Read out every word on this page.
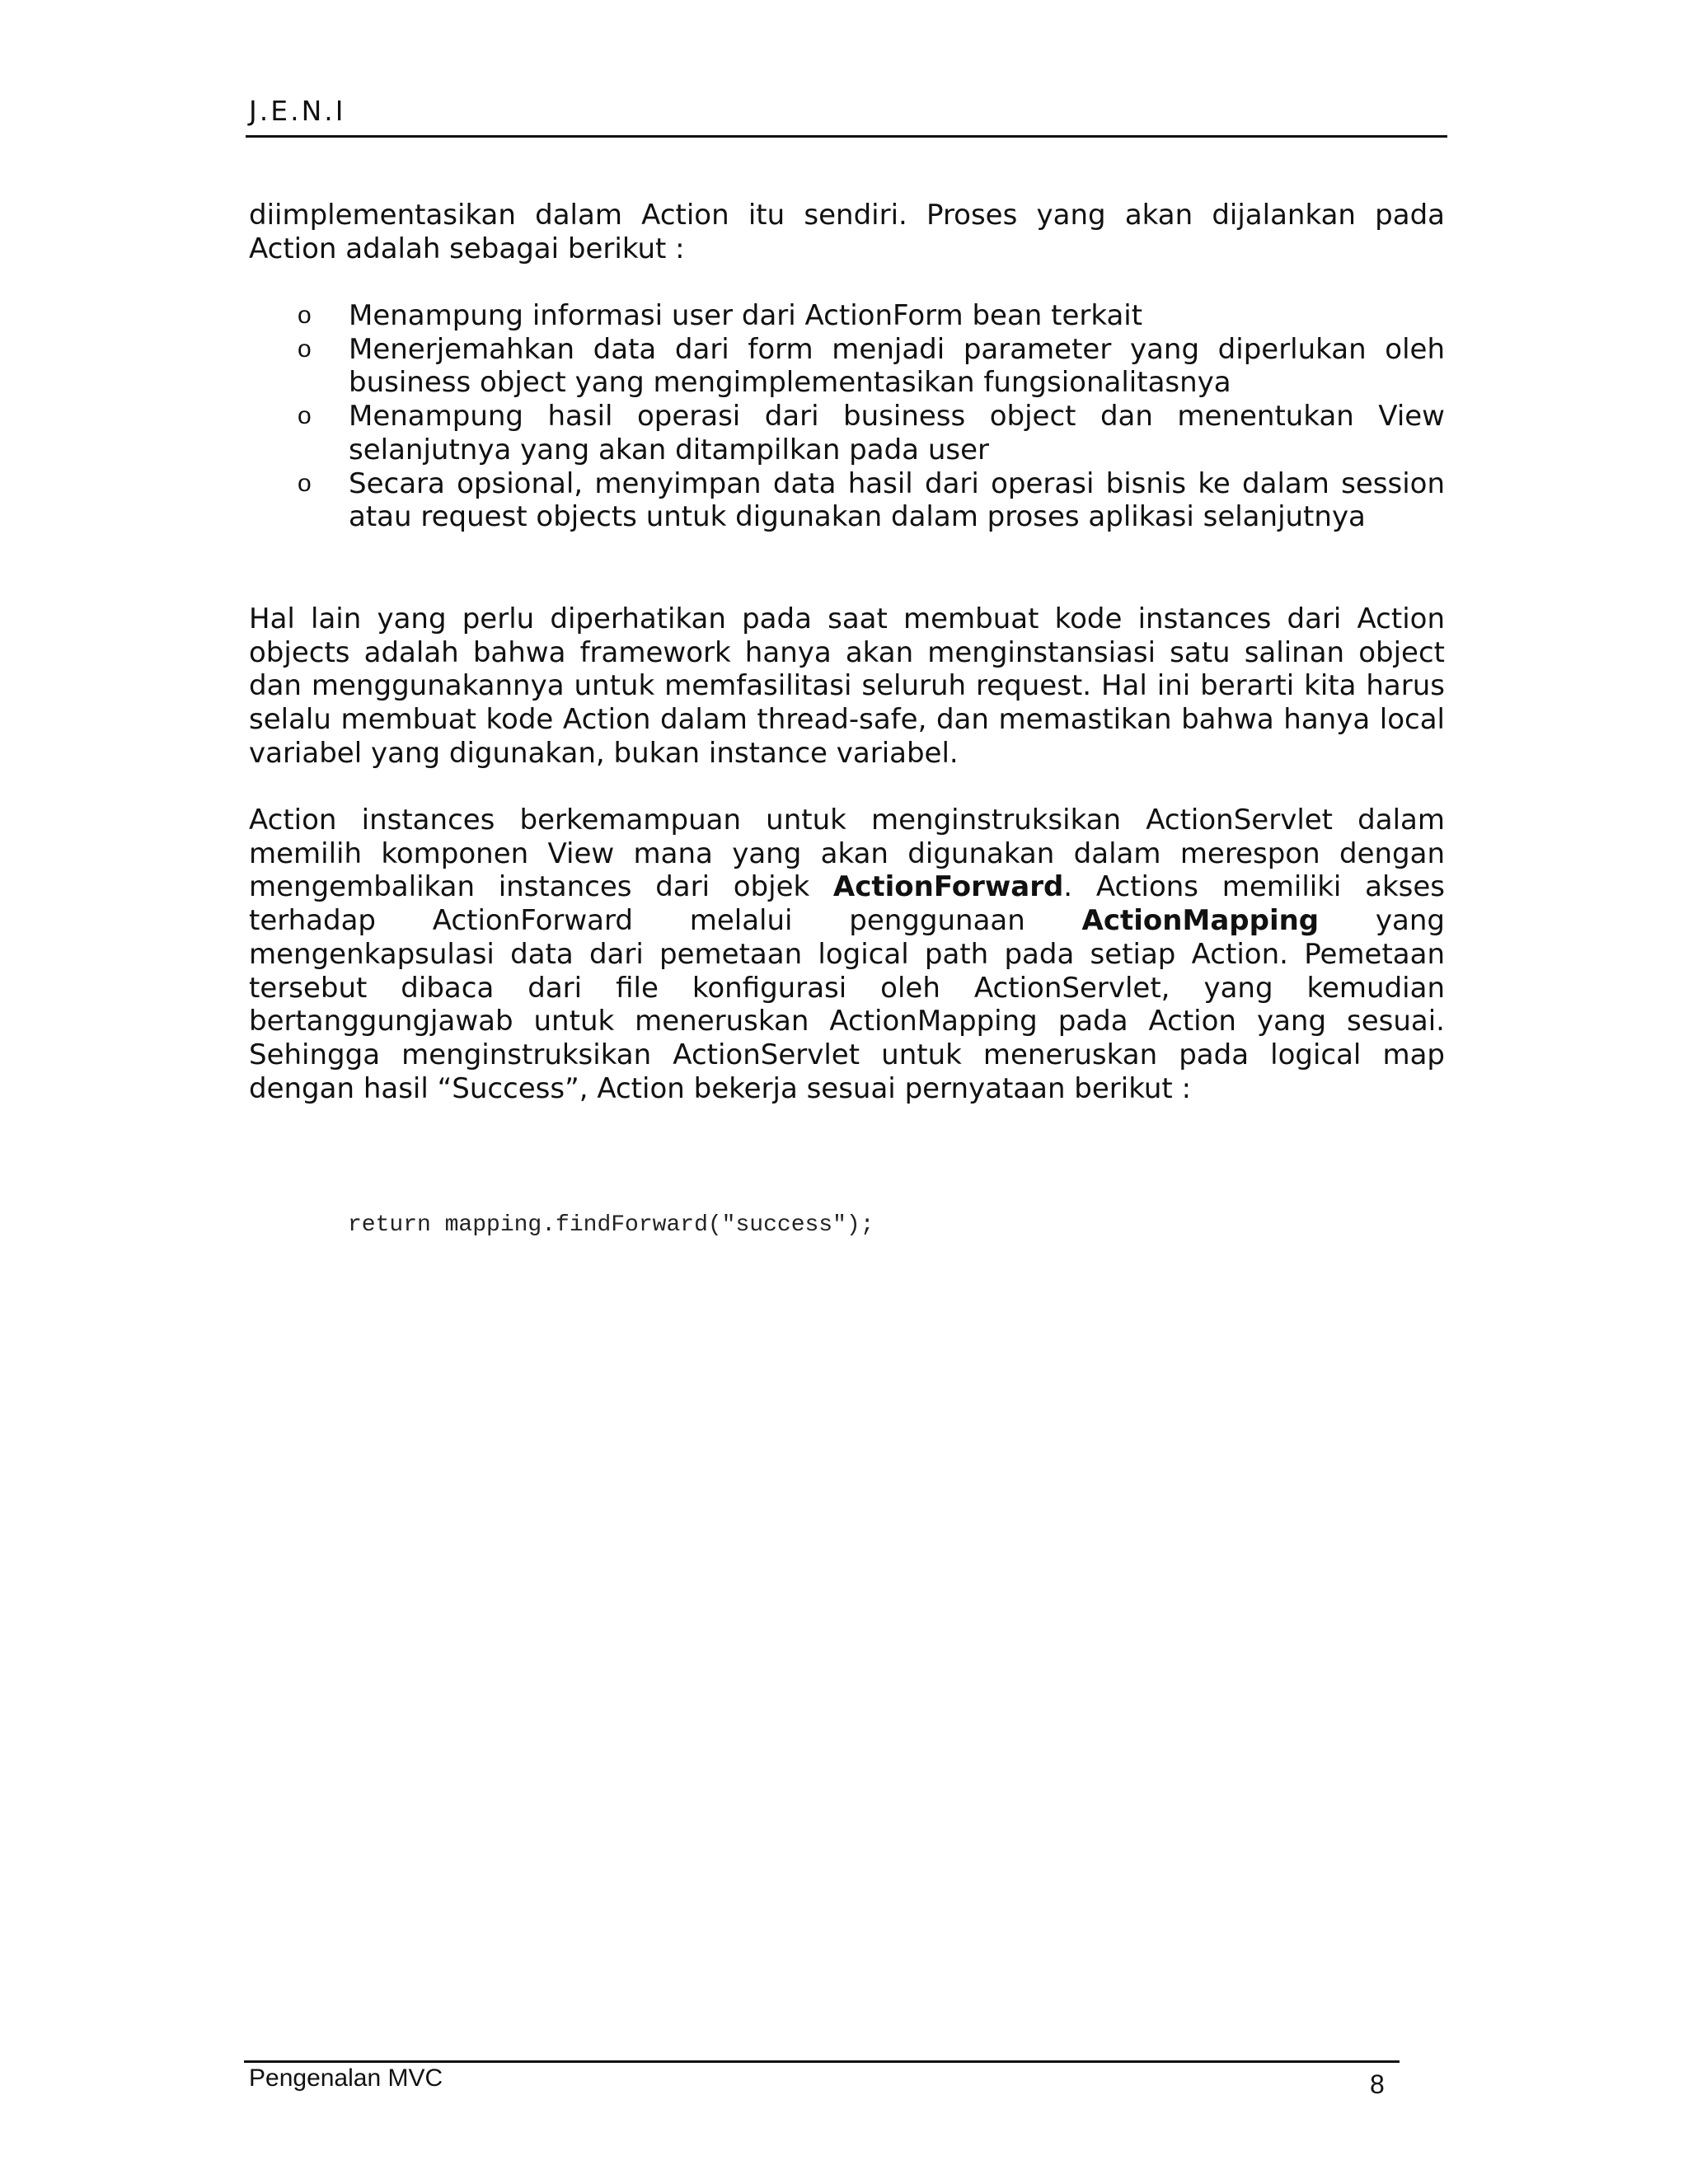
J.E.N.I

diimplementasikan dalam Action itu sendiri. Proses yang akan dijalankan pada Action adalah sebagai berikut :

o Menampung informasi user dari ActionForm bean terkait
o Menerjemahkan data dari form menjadi parameter yang diperlukan oleh business object yang mengimplementasikan fungsionalitasnya
o Menampung hasil operasi dari business object dan menentukan View selanjutnya yang akan ditampilkan pada user
o Secara opsional, menyimpan data hasil dari operasi bisnis ke dalam session atau request objects untuk digunakan dalam proses aplikasi selanjutnya

Hal lain yang perlu diperhatikan pada saat membuat kode instances dari Action objects adalah bahwa framework hanya akan menginstansiasi satu salinan object dan menggunakannya untuk memfasilitasi seluruh request. Hal ini berarti kita harus selalu membuat kode Action dalam thread-safe, dan memastikan bahwa hanya local variabel yang digunakan, bukan instance variabel.

Action instances berkemampuan untuk menginstruksikan ActionServlet dalam memilih komponen View mana yang akan digunakan dalam merespon dengan mengembalikan instances dari objek ActionForward. Actions memiliki akses terhadap ActionForward melalui penggunaan ActionMapping yang mengenkapsulasi data dari pemetaan logical path pada setiap Action. Pemetaan tersebut dibaca dari file konfigurasi oleh ActionServlet, yang kemudian bertanggungjawab untuk meneruskan ActionMapping pada Action yang sesuai. Sehingga menginstruksikan ActionServlet untuk meneruskan pada logical map dengan hasil “Success”, Action bekerja sesuai pernyataan berikut :

return mapping.findForward("success");
Pengenalan MVC	8
